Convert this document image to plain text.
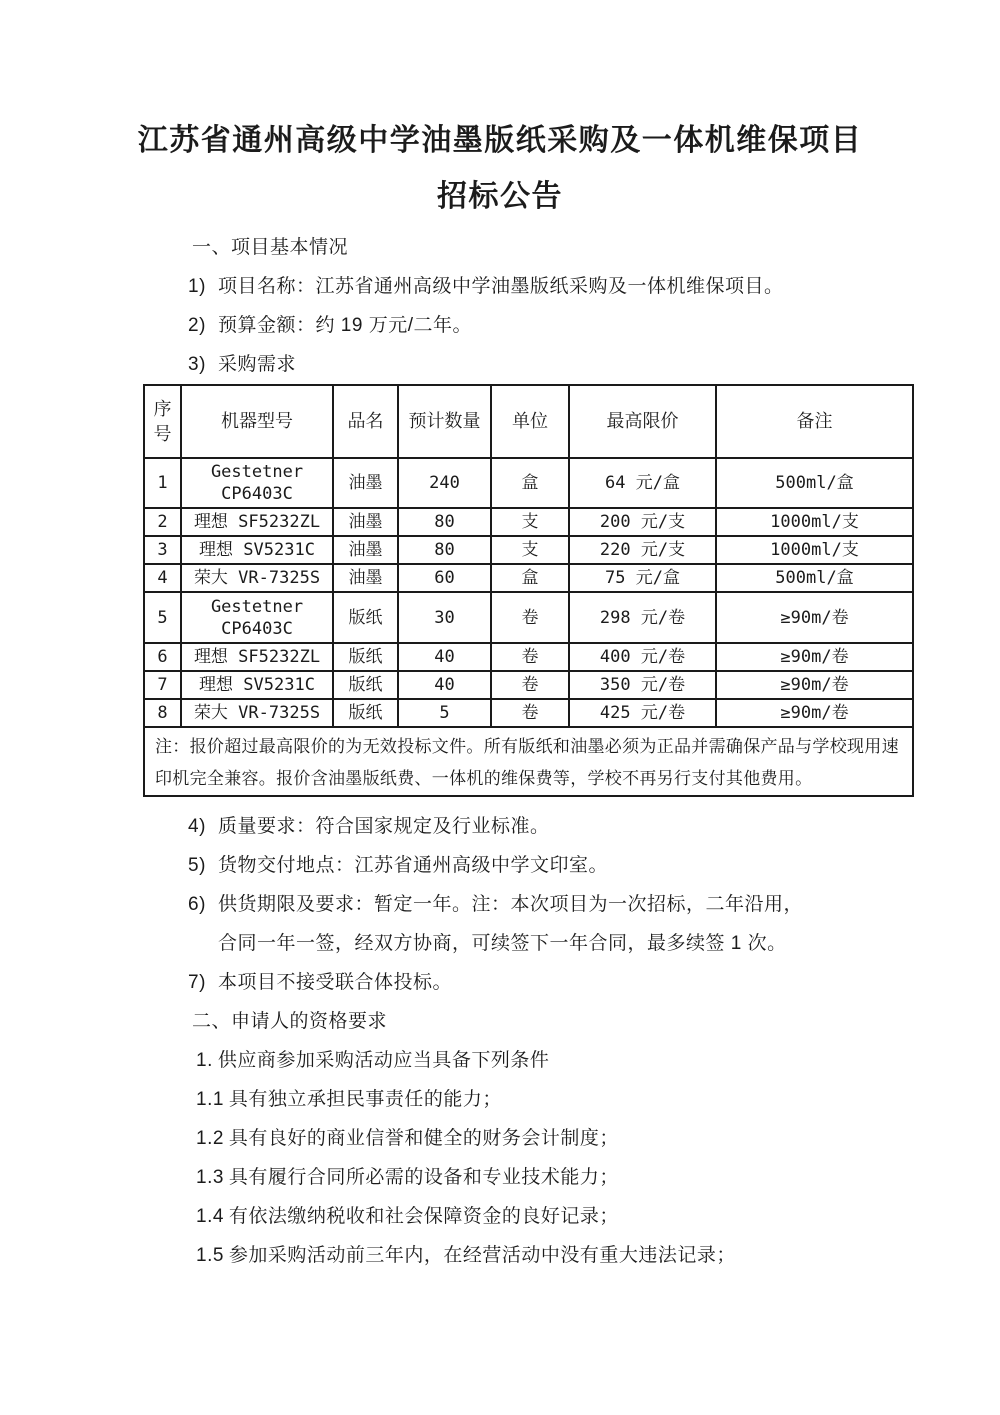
江苏省通州高级中学油墨版纸采购及一体机维保项目
招标公告
一、项目基本情况
1) 项目名称：江苏省通州高级中学油墨版纸采购及一体机维保项目。
2) 预算金额：约 19 万元/二年。
3) 采购需求
序号	机器型号	品名	预计数量	单位	最高限价	备注
1	Gestetner CP6403C	油墨	240	盒	64 元/盒	500ml/盒
2	理想 SF5232ZL	油墨	80	支	200 元/支	1000ml/支
3	理想 SV5231C	油墨	80	支	220 元/支	1000ml/支
4	荣大 VR-7325S	油墨	60	盒	75 元/盒	500ml/盒
5	Gestetner CP6403C	版纸	30	卷	298 元/卷	≥90m/卷
6	理想 SF5232ZL	版纸	40	卷	400 元/卷	≥90m/卷
7	理想 SV5231C	版纸	40	卷	350 元/卷	≥90m/卷
8	荣大 VR-7325S	版纸	5	卷	425 元/卷	≥90m/卷
注：报价超过最高限价的为无效投标文件。所有版纸和油墨必须为正品并需确保产品与学校现用速印机完全兼容。报价含油墨版纸费、一体机的维保费等，学校不再另行支付其他费用。						
4) 质量要求：符合国家规定及行业标准。
5) 货物交付地点：江苏省通州高级中学文印室。
6) 供货期限及要求：暂定一年。注：本次项目为一次招标，二年沿用，合同一年一签，经双方协商，可续签下一年合同，最多续签 1 次。
7) 本项目不接受联合体投标。
二、申请人的资格要求
1. 供应商参加采购活动应当具备下列条件
1.1 具有独立承担民事责任的能力；
1.2 具有良好的商业信誉和健全的财务会计制度；
1.3 具有履行合同所必需的设备和专业技术能力；
1.4 有依法缴纳税收和社会保障资金的良好记录；
1.5 参加采购活动前三年内，在经营活动中没有重大违法记录；
